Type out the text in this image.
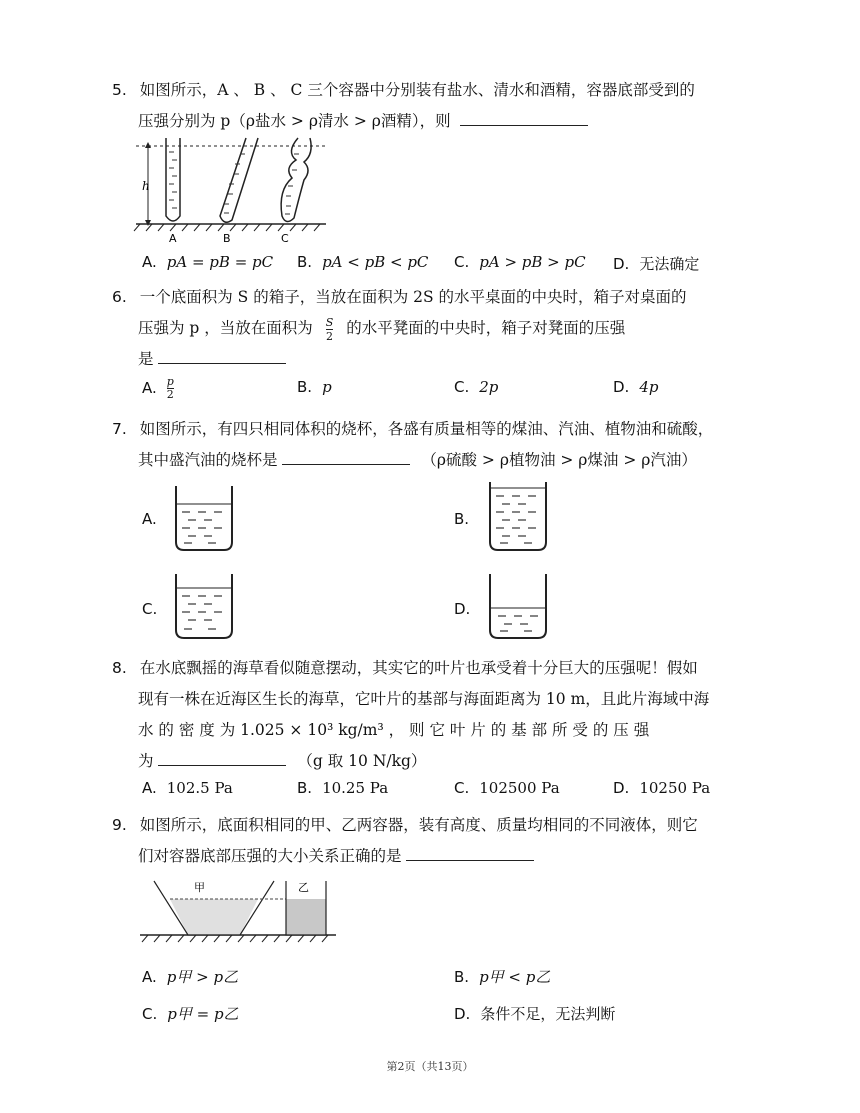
5. 如图所示，A 、 B 、 C 三个容器中分别装有盐水、清水和酒精，容器底部受到的
压强分别为 p（ρ盐水 > ρ清水 > ρ酒精），则
h
A	B	C
A. pA = pB = pC B. pA < pB < pC C. pA > pB > pC D. 无法确定
6. 一个底面积为 S 的箱子，当放在面积为 2S 的水平桌面的中央时，箱子对桌面的
压强为 p ，当放在面积为 $\frac{S}{2}$ 的水平凳面的中央时，箱子对凳面的压强
是
A. $\frac{p}{2}$	B. p	C. 2p	D. 4p
7. 如图所示，有四只相同体积的烧杯，各盛有质量相等的煤油、汽油、植物油和硫酸，
其中盛汽油的烧杯是	（ρ硫酸 > ρ植物油 > ρ煤油 > ρ汽油）
A.	B.
C.	D.
8. 在水底飘摇的海草看似随意摆动，其实它的叶片也承受着十分巨大的压强呢！假如
现有一株在近海区生长的海草，它叶片的基部与海面距离为 10 m，且此片海域中海
水 的 密 度 为 1.025 × 10³ kg/m³ ， 则 它 叶 片 的 基 部 所 受 的 压 强
为	（g 取 10 N/kg）
A. 102.5 Pa	B. 10.25 Pa	C. 102500 Pa	D. 10250 Pa
9. 如图所示，底面积相同的甲、乙两容器，装有高度、质量均相同的不同液体，则它
们对容器底部压强的大小关系正确的是
甲	乙
A. p甲 > p乙	B. p甲 < p乙
C. p甲 = p乙	D. 条件不足，无法判断
第2页（共13页）
